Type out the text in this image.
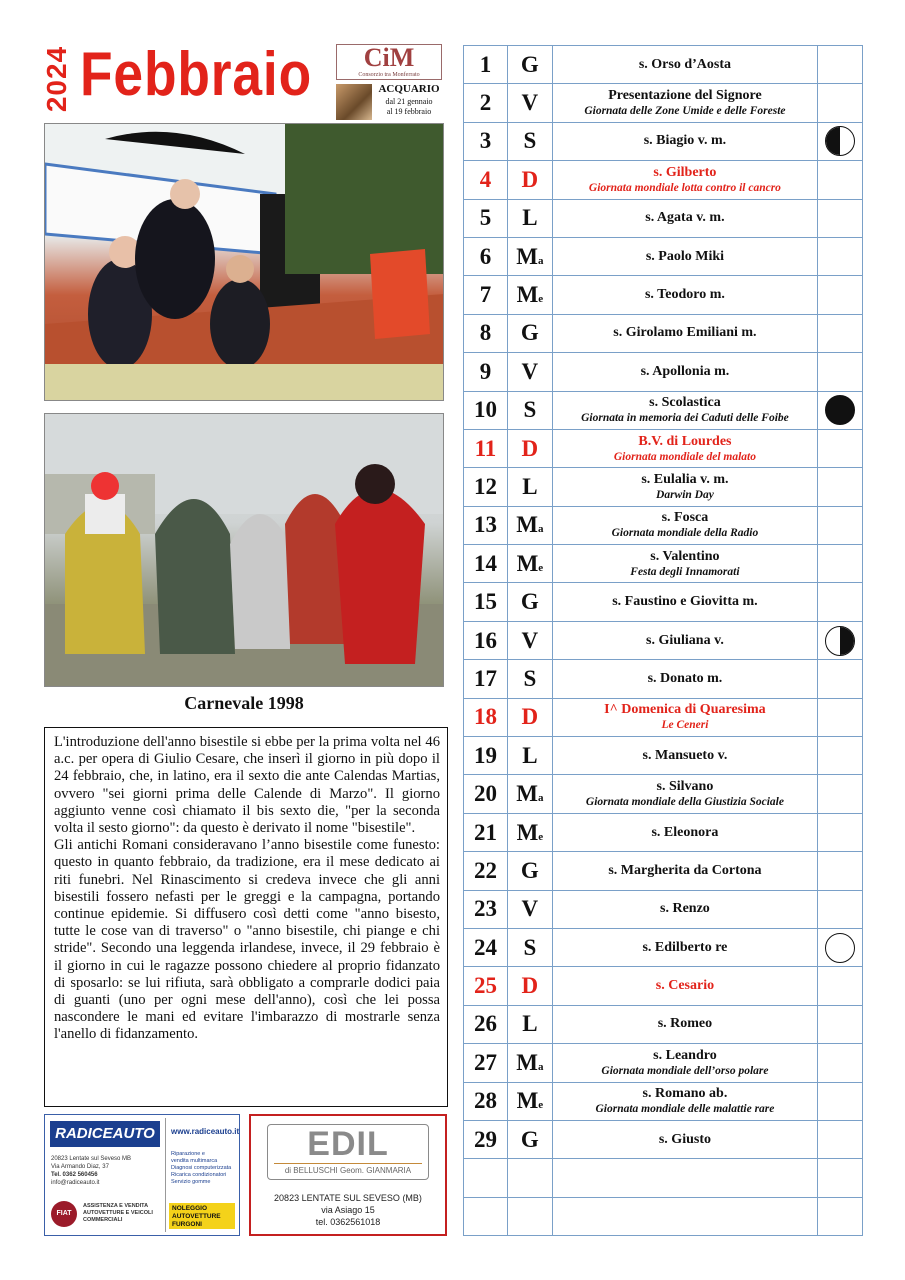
2024 Febbraio	CiM
Consorzio tra Monferrato
ACQUARIO
dal 21 gennaio
al 19 febbraio
Carnevale 1998

L'introduzione dell'anno bisestile si ebbe per la prima volta nel 46 a.c. per opera di Giulio Cesare, che inserì il giorno in più dopo il 24 febbraio, che, in latino, era il sexto die ante Calendas Martias, ovvero "sei giorni prima delle Calende di Marzo". Il giorno aggiunto venne così chiamato il bis sexto die, "per la seconda volta il sesto giorno": da questo è derivato il nome "bisestile".

Gli antichi Romani consideravano l’anno bisestile come funesto: questo in quanto febbraio, da tradizione, era il mese dedicato ai riti funebri. Nel Rinascimento si credeva invece che gli anni bisestili fossero nefasti per le greggi e la campagna, portando continue epidemie. Si diffusero così detti come "anno bisesto, tutte le cose van di traverso" o "anno bisestile, chi piange e chi stride". Secondo una leggenda irlandese, invece, il 29 febbraio è il giorno in cui le ragazze possono chiedere al proprio fidanzato di sposarlo: se lui rifiuta, sarà obbligato a comprarle dodici paia di guanti (uno per ogni mese dell'anno), così che lei possa nascondere le mani ed evitare l'imbarazzo di mostrarle senza l'anello di fidanzamento.

RADICEAUTO	www.radiceauto.it
Riparazione e
vendita multimarca
Diagnosi computerizzata
Ricarica condizionatori
Servizio gomme
20823 Lentate sul Seveso MB
Via Armando Diaz, 37
Tel. 0362 560456
info@radiceauto.it
FIAT
ASSISTENZA E VENDITA AUTOVETTURE E VEICOLI COMMERCIALI
NOLEGGIO AUTOVETTURE FURGONI
EDIL
di BELLUSCHI Geom. GIANMARIA
20823 LENTATE SUL SEVESO (MB)
via Asiago 15
tel. 0362561018
1	G	s. Orso d’Aosta	
2	V	Presentazione del Signore
Giornata delle Zone Umide e delle Foreste	

3	S	s. Biagio v. m.	

4	D	s. Gilberto
Giornata mondiale lotta contro il cancro	

5	L	s. Agata v. m.	
6	Ma	s. Paolo Miki	
7	Me	s. Teodoro m.	
8	G	s. Girolamo Emiliani m.	
9	V	s. Apollonia m.	
10	S	s. Scolastica
Giornata in memoria dei Caduti delle Foibe	

11	D	B.V. di Lourdes
Giornata mondiale del malato	

12	L	s. Eulalia v. m.
Darwin Day	

13	Ma	s. Fosca
Giornata mondiale della Radio	

14	Me	s. Valentino
Festa degli Innamorati	

15	G	s. Faustino e Giovitta m.	
16	V	s. Giuliana v.	

17	S	s. Donato m.	
18	D	I^ Domenica di Quaresima
Le Ceneri	

19	L	s. Mansueto v.	
20	Ma	s. Silvano
Giornata mondiale della Giustizia Sociale	

21	Me	s. Eleonora	
22	G	s. Margherita da Cortona	
23	V	s. Renzo	
24	S	s. Edilberto re	

25	D	s. Cesario	
26	L	s. Romeo	
27	Ma	s. Leandro
Giornata mondiale dell’orso polare	

28	Me	s. Romano ab.
Giornata mondiale delle malattie rare	

29	G	s. Giusto	
